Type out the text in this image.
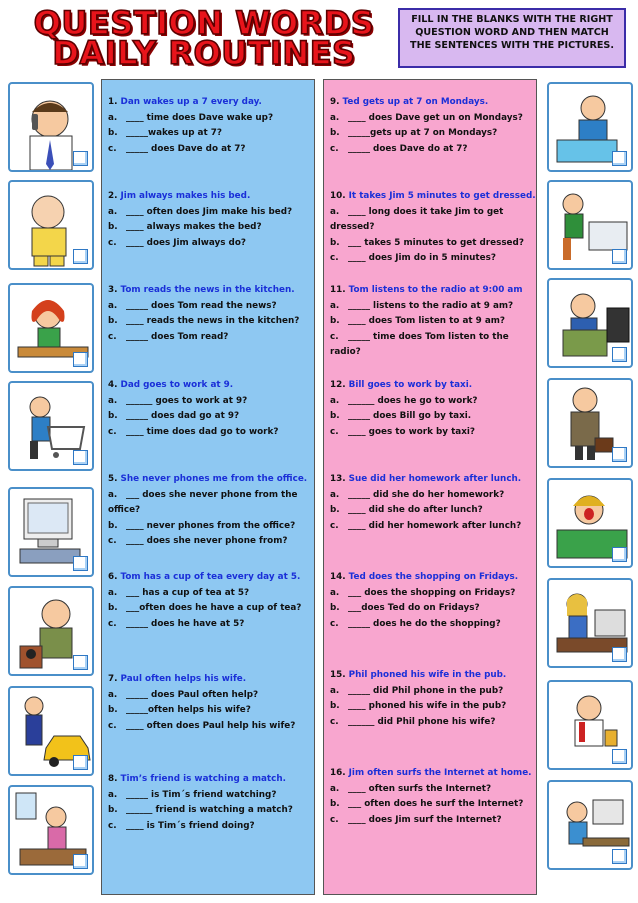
QUESTION WORDS
DAILY ROUTINES
FILL IN THE BLANKS WITH THE RIGHT QUESTION WORD AND THEN MATCH THE SENTENCES WITH THE PICTURES.
1. Dan wakes up a 7 every day.
a. ____ time does Dave wake up?
b. _____wakes up at 7?
c. _____ does Dave do at 7?
2. Jim always makes his bed.
a. ____ often does Jim make his bed?
b. ____ always makes the bed?
c. ____ does Jim always do?
3. Tom reads the news in the kitchen.
a. _____ does Tom read the news?
b. ____ reads the news in the kitchen?
c. _____ does Tom read?
4. Dad goes to work at 9.
a. ______ goes to work at 9?
b. _____ does dad go at 9?
c. ____ time does dad go to work?
5. She never phones me from the office.
a. ___ does she never phone from the
office?
b. ____ never phones from the office?
c. ____ does she never phone from?
6. Tom has a cup of tea every day at 5.
a. ___ has a cup of tea at 5?
b. ___often does he have a cup of tea?
c. _____ does he have at 5?
7. Paul often helps his wife.
a. _____ does Paul often help?
b. _____often helps his wife?
c. ____ often does Paul help his wife?
8. Tim’s friend is watching a match.
a. _____ is Tim´s friend watching?
b. ______ friend is watching a match?
c. ____ is Tim´s friend doing?
9. Ted gets up at 7 on Mondays.
a. ____ does Dave get un on Mondays?
b. _____gets up at 7 on Mondays?
c. _____ does Dave do at 7?
10. It takes Jim 5 minutes to get dressed.
a. ____ long does it take Jim to get
dressed?
b. ___ takes 5 minutes to get dressed?
c. ____ does Jim do in 5 minutes?
11. Tom listens to the radio at 9:00 am
a. _____ listens to the radio at 9 am?
b. ____ does Tom listen to at 9 am?
c. _____ time does Tom listen to the
radio?
12. Bill goes to work by taxi.
a. ______ does he go to work?
b. _____ does Bill go by taxi.
c. ____ goes to work by taxi?
13. Sue did her homework after lunch.
a. _____ did she do her homework?
b. ____ did she do after lunch?
c. ____ did her homework after lunch?
14. Ted does the shopping on Fridays.
a. ___ does the shopping on Fridays?
b. ___does Ted do on Fridays?
c. _____ does he do the shopping?
15. Phil phoned his wife in the pub.
a. _____ did Phil phone in the pub?
b. ____ phoned his wife in the pub?
c. ______ did Phil phone his wife?
16. Jim often surfs the Internet at home.
a. ____ often surfs the Internet?
b. ___ often does he surf the Internet?
c. ____ does Jim surf the Internet?
